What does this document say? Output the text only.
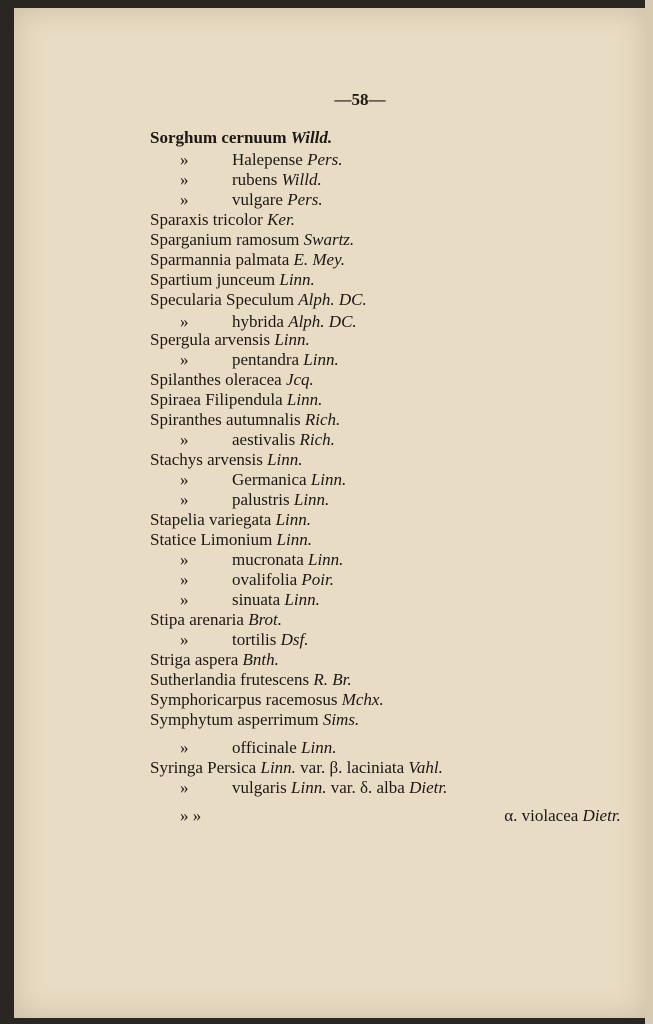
—58—
Sorghum cernuum Willd.
»	Halepense Pers.
»	rubens Willd.
»	vulgare Pers.
Sparaxis tricolor Ker.
Sparganium ramosum Swartz.
Sparmannia palmata E. Mey.
Spartium junceum Linn.
Specularia Speculum Alph. DC.
»	hybrida Alph. DC.
Spergula arvensis Linn.
»	pentandra Linn.
Spilanthes oleracea Jcq.
Spiraea Filipendula Linn.
Spiranthes autumnalis Rich.
»	aestivalis Rich.
Stachys arvensis Linn.
»	Germanica Linn.
»	palustris Linn.
Stapelia variegata Linn.
Statice Limonium Linn.
»	mucronata Linn.
»	ovalifolia Poir.
»	sinuata Linn.
Stipa arenaria Brot.
»	tortilis Dsf.
Striga aspera Bnth.
Sutherlandia frutescens R. Br.
Symphoricarpus racemosus Mchx.
Symphytum asperrimum Sims.
»	officinale Linn.
Syringa Persica Linn. var. β. laciniata Vahl.
»	vulgaris Linn. var. δ. alba Dietr.
» »	α. violacea Dietr.
